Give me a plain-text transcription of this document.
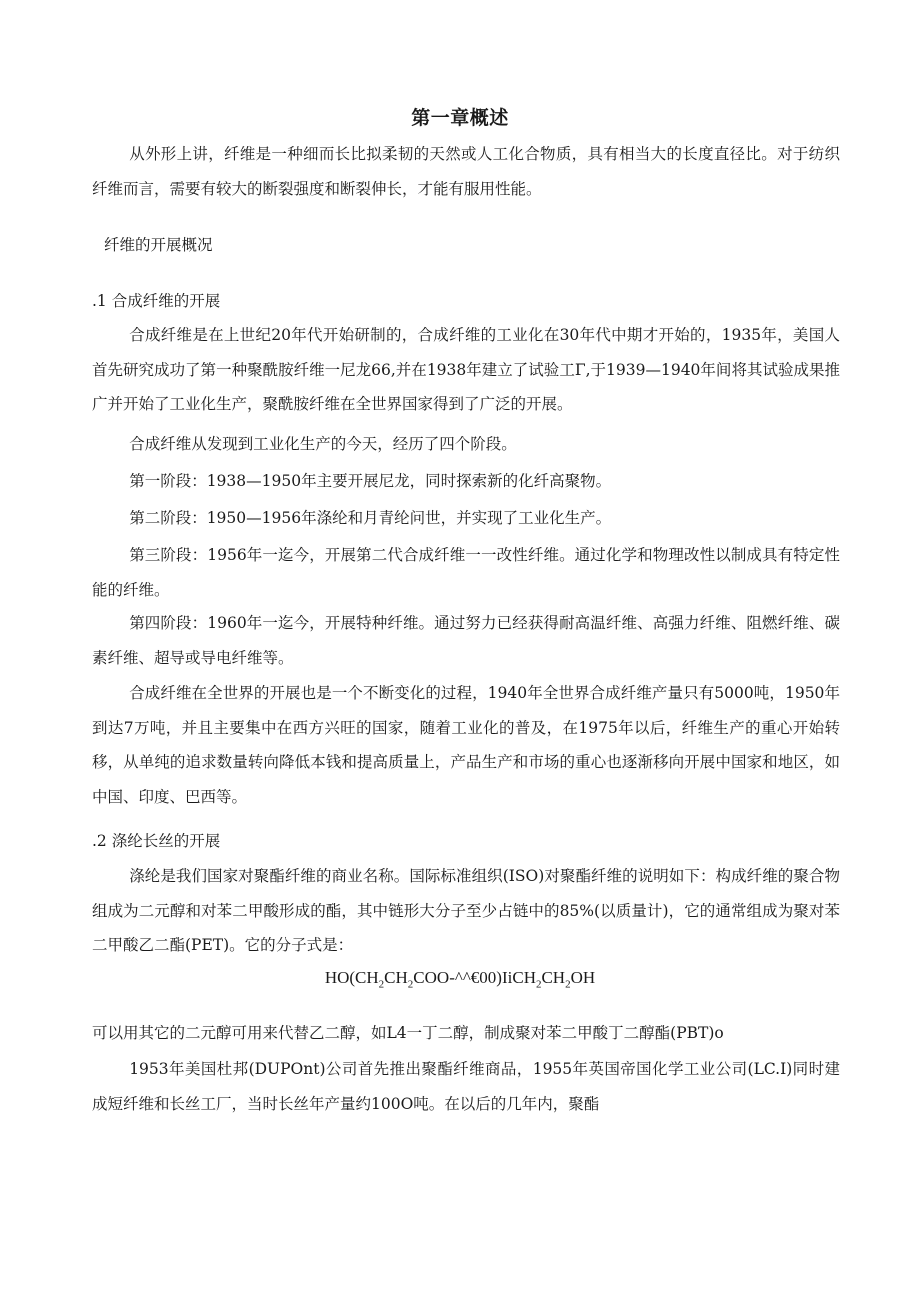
第一章概述

从外形上讲，纤维是一种细而长比拟柔韧的天然或人工化合物质，具有相当大的长度直径比。对于纺织纤维而言，需要有较大的断裂强度和断裂伸长，才能有服用性能。

纤维的开展概况
.1 合成纤维的开展

合成纤维是在上世纪20年代开始研制的，合成纤维的工业化在30年代中期才开始的，1935年，美国人首先研究成功了第一种聚酰胺纤维一尼龙66,并在1938年建立了试验工Γ,于1939—1940年间将其试验成果推广并开始了工业化生产，聚酰胺纤维在全世界国家得到了广泛的开展。

合成纤维从发现到工业化生产的今天，经历了四个阶段。

第一阶段：1938—1950年主要开展尼龙，同时探索新的化纤高聚物。

第二阶段：1950—1956年涤纶和月青纶问世，并实现了工业化生产。

第三阶段：1956年一迄今，开展第二代合成纤维一一改性纤维。通过化学和物理改性以制成具有特定性能的纤维。

第四阶段：1960年一迄今，开展特种纤维。通过努力已经获得耐高温纤维、高强力纤维、阻燃纤维、碳素纤维、超导或导电纤维等。

合成纤维在全世界的开展也是一个不断变化的过程，1940年全世界合成纤维产量只有5000吨，1950年到达7万吨，并且主要集中在西方兴旺的国家，随着工业化的普及，在1975年以后，纤维生产的重心开始转移，从单纯的追求数量转向降低本钱和提高质量上，产品生产和市场的重心也逐渐移向开展中国家和地区，如中国、印度、巴西等。

.2 涤纶长丝的开展

涤纶是我们国家对聚酯纤维的商业名称。国际标准组织(ISO)对聚酯纤维的说明如下：构成纤维的聚合物组成为二元醇和对苯二甲酸形成的酯，其中链形大分子至少占链中的85%(以质量计)，它的通常组成为聚对苯二甲酸乙二酯(PET)。它的分子式是：

$HO(CH_2CH_2COO-\^{}\^{}€00)IiCH_2CH_2OH$

可以用其它的二元醇可用来代替乙二醇，如L4一丁二醇，制成聚对苯二甲酸丁二醇酯(PBT)o

1953年美国杜邦(DUPOnt)公司首先推出聚酯纤维商品，1955年英国帝国化学工业公司(LC.I)同时建成短纤维和长丝工厂，当时长丝年产量约100O吨。在以后的几年内，聚酯
